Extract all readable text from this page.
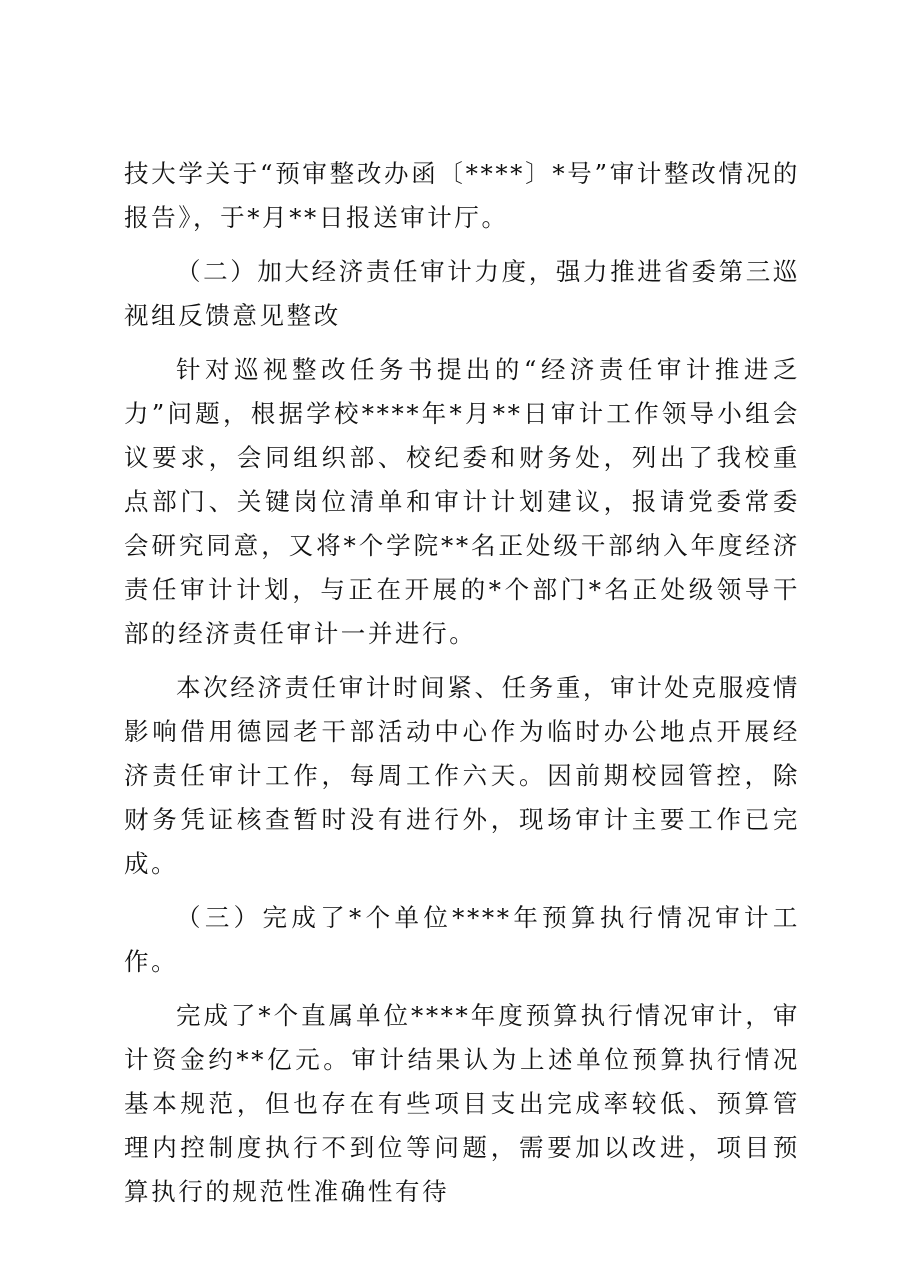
技大学关于“预审整改办函〔****〕*号”审计整改情况的报告》，于*月**日报送审计厅。

（二）加大经济责任审计力度，强力推进省委第三巡视组反馈意见整改

针对巡视整改任务书提出的“经济责任审计推进乏力”问题，根据学校****年*月**日审计工作领导小组会议要求，会同组织部、校纪委和财务处，列出了我校重点部门、关键岗位清单和审计计划建议，报请党委常委会研究同意，又将*个学院**名正处级干部纳入年度经济责任审计计划，与正在开展的*个部门*名正处级领导干部的经济责任审计一并进行。

本次经济责任审计时间紧、任务重，审计处克服疫情影响借用德园老干部活动中心作为临时办公地点开展经济责任审计工作，每周工作六天。因前期校园管控，除财务凭证核查暂时没有进行外，现场审计主要工作已完成。

（三）完成了*个单位****年预算执行情况审计工作。

完成了*个直属单位****年度预算执行情况审计，审计资金约**亿元。审计结果认为上述单位预算执行情况基本规范，但也存在有些项目支出完成率较低、预算管理内控制度执行不到位等问题，需要加以改进，项目预算执行的规范性准确性有待
